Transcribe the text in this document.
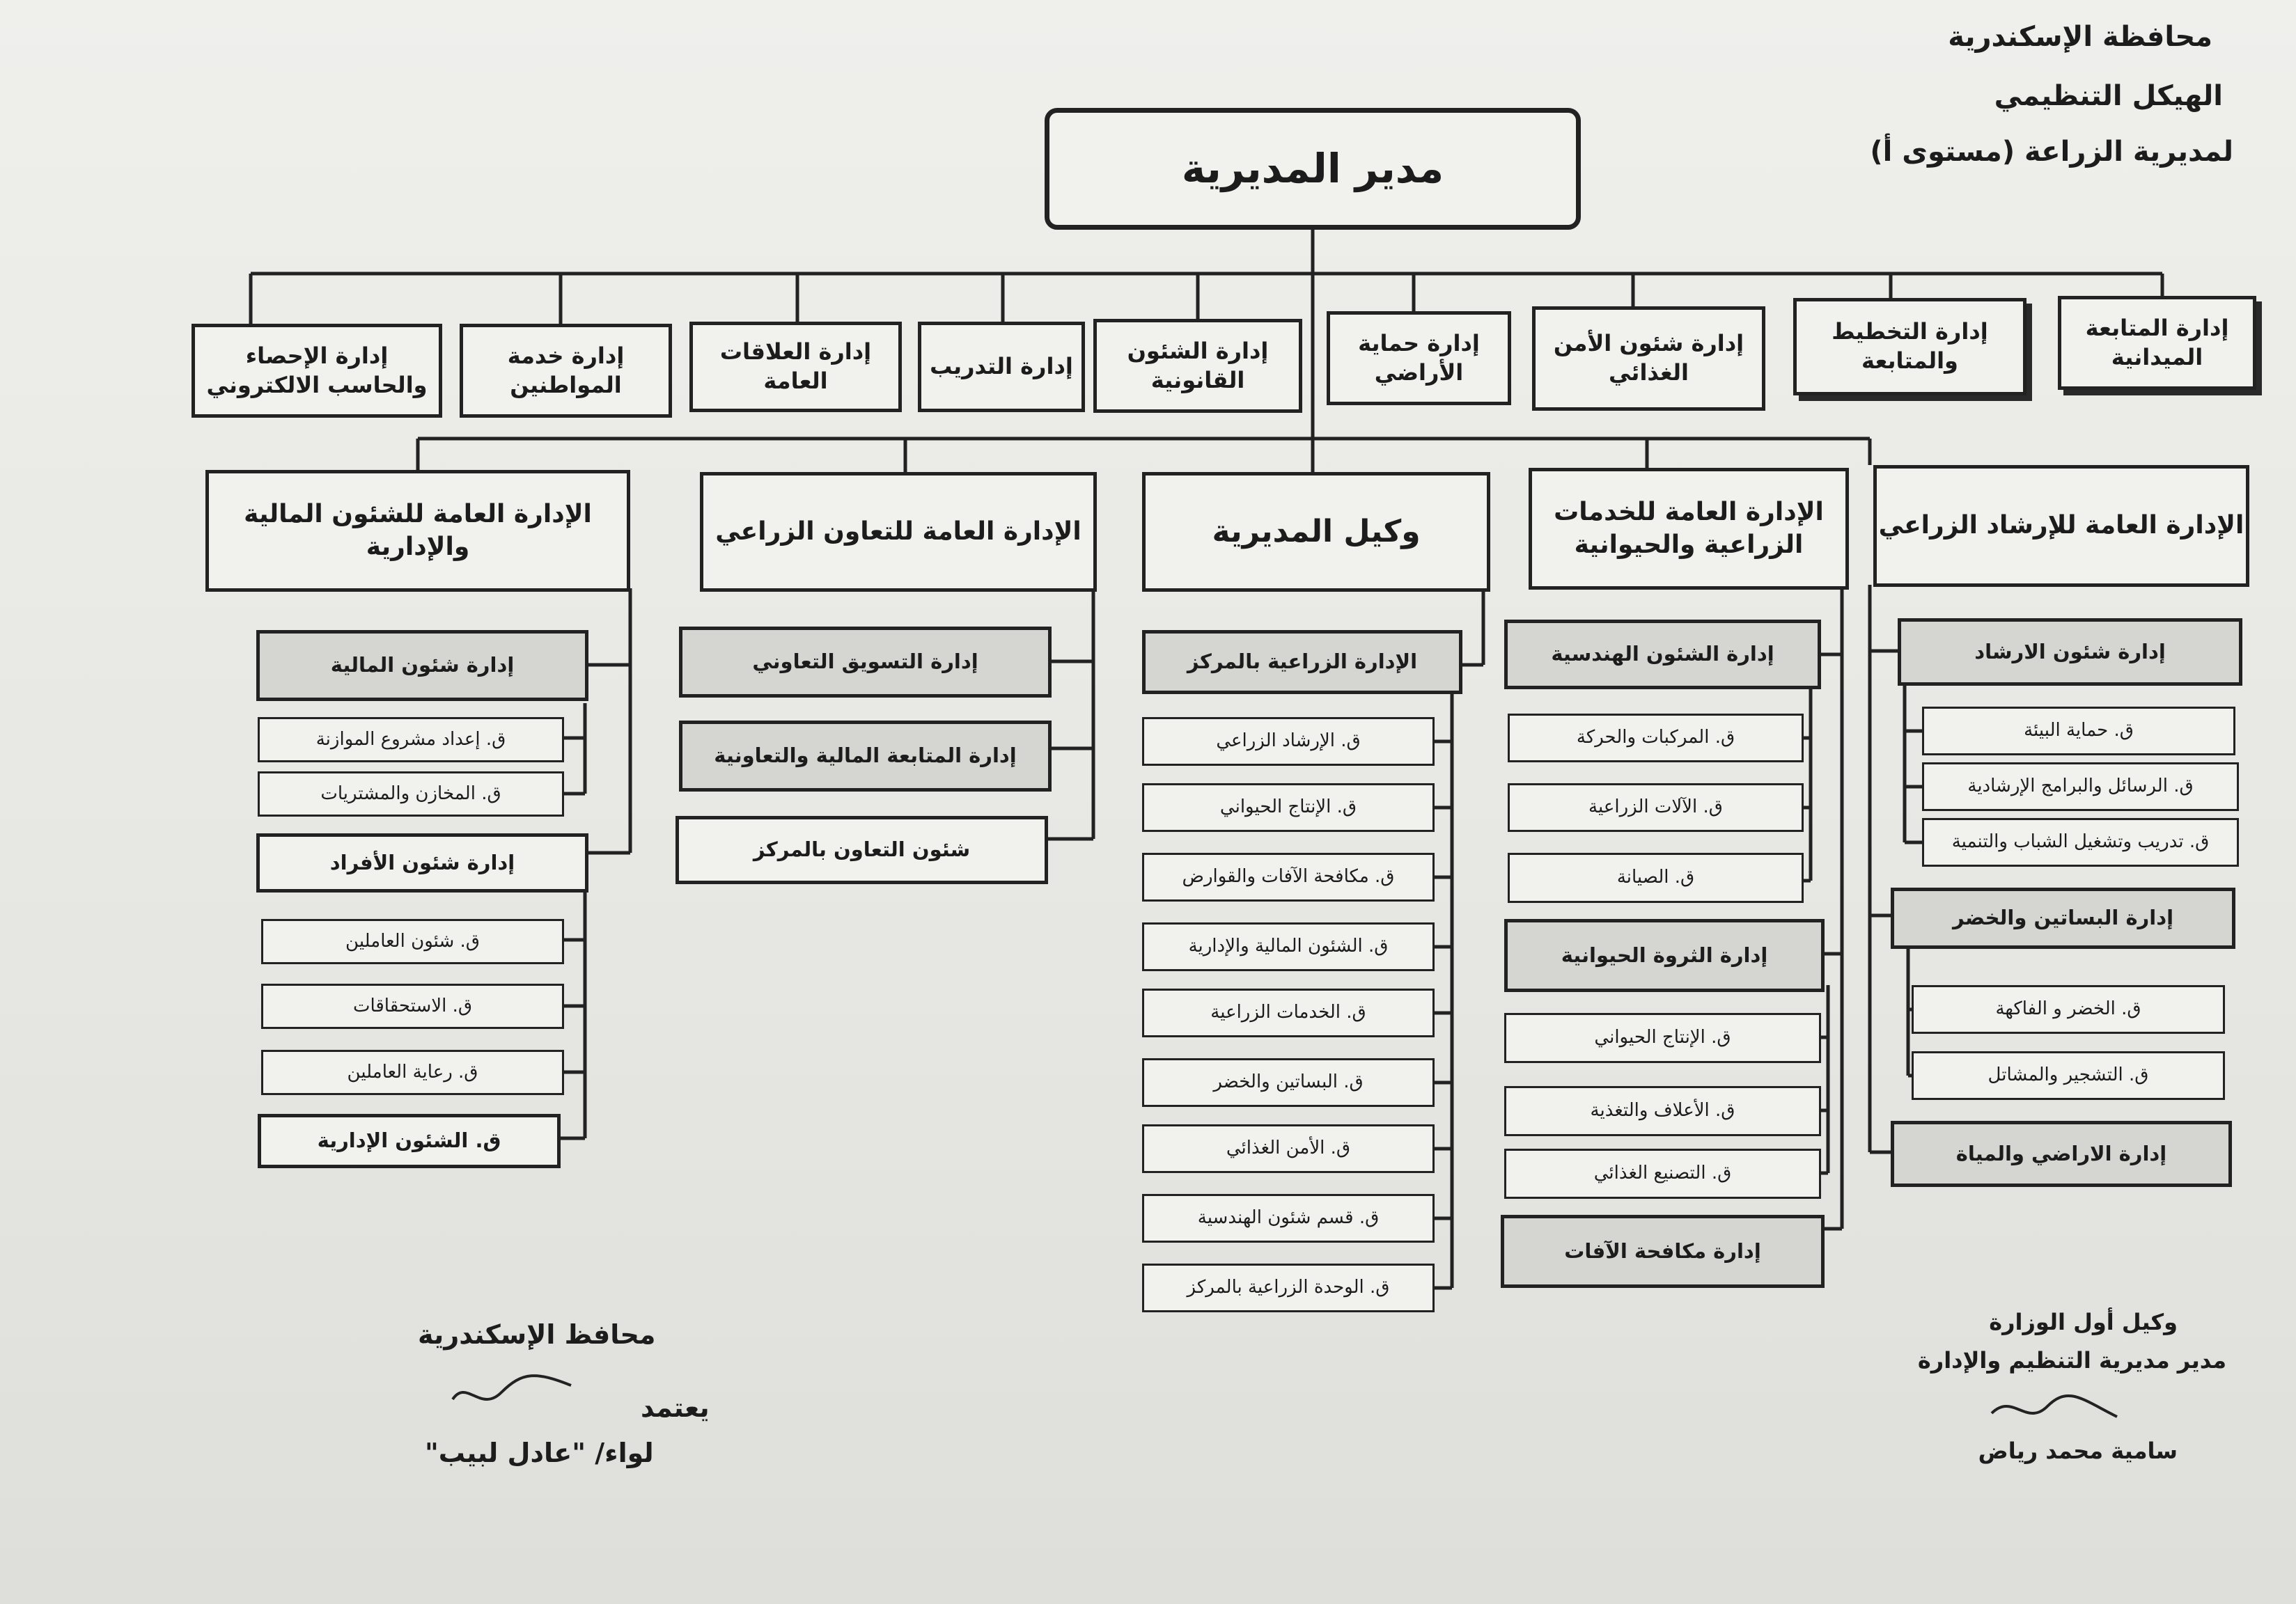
محافظة الإسكندرية
الهيكل التنظيمي
لمديرية الزراعة (مستوى أ)
مدير المديرية
إدارة المتابعة الميدانية
إدارة التخطيط والمتابعة
إدارة شئون الأمن الغذائي
إدارة حماية الأراضي
إدارة الشئون القانونية
إدارة التدريب
إدارة العلاقات العامة
إدارة خدمة المواطنين
إدارة الإحصاء والحاسب الالكتروني
الإدارة العامة للإرشاد الزراعي
الإدارة العامة للخدمات الزراعية والحيوانية
وكيل المديرية
الإدارة العامة للتعاون الزراعي
الإدارة العامة للشئون المالية والإدارية
إدارة شئون الارشاد
ق. حماية البيئة
ق. الرسائل والبرامج الإرشادية
ق. تدريب وتشغيل الشباب والتنمية
إدارة البساتين والخضر
ق. الخضر و الفاكهة
ق. التشجير والمشاتل
إدارة الاراضي والمياة
إدارة الشئون الهندسية
ق. المركبات والحركة
ق. الآلات الزراعية
ق. الصيانة
إدارة الثروة الحيوانية
ق. الإنتاج الحيواني
ق. الأعلاف والتغذية
ق. التصنيع الغذائي
إدارة مكافحة الآفات
الإدارة الزراعية بالمركز
ق. الإرشاد الزراعي
ق. الإنتاج الحيواني
ق. مكافحة الآفات والقوارض
ق. الشئون المالية والإدارية
ق. الخدمات الزراعية
ق. البساتين والخضر
ق. الأمن الغذائي
ق. قسم شئون الهندسية
ق. الوحدة الزراعية بالمركز
إدارة التسويق التعاوني
إدارة المتابعة المالية والتعاونية
شئون التعاون بالمركز
إدارة شئون المالية
ق. إعداد مشروع الموازنة
ق. المخازن والمشتريات
إدارة شئون الأفراد
ق. شئون العاملين
ق. الاستحقاقات
ق. رعاية العاملين
ق. الشئون الإدارية
وكيل أول الوزارة
مدير مديرية التنظيم والإدارة
سامية محمد رياض
محافظ الإسكندرية
يعتمد
لواء/ "عادل لبيب"
